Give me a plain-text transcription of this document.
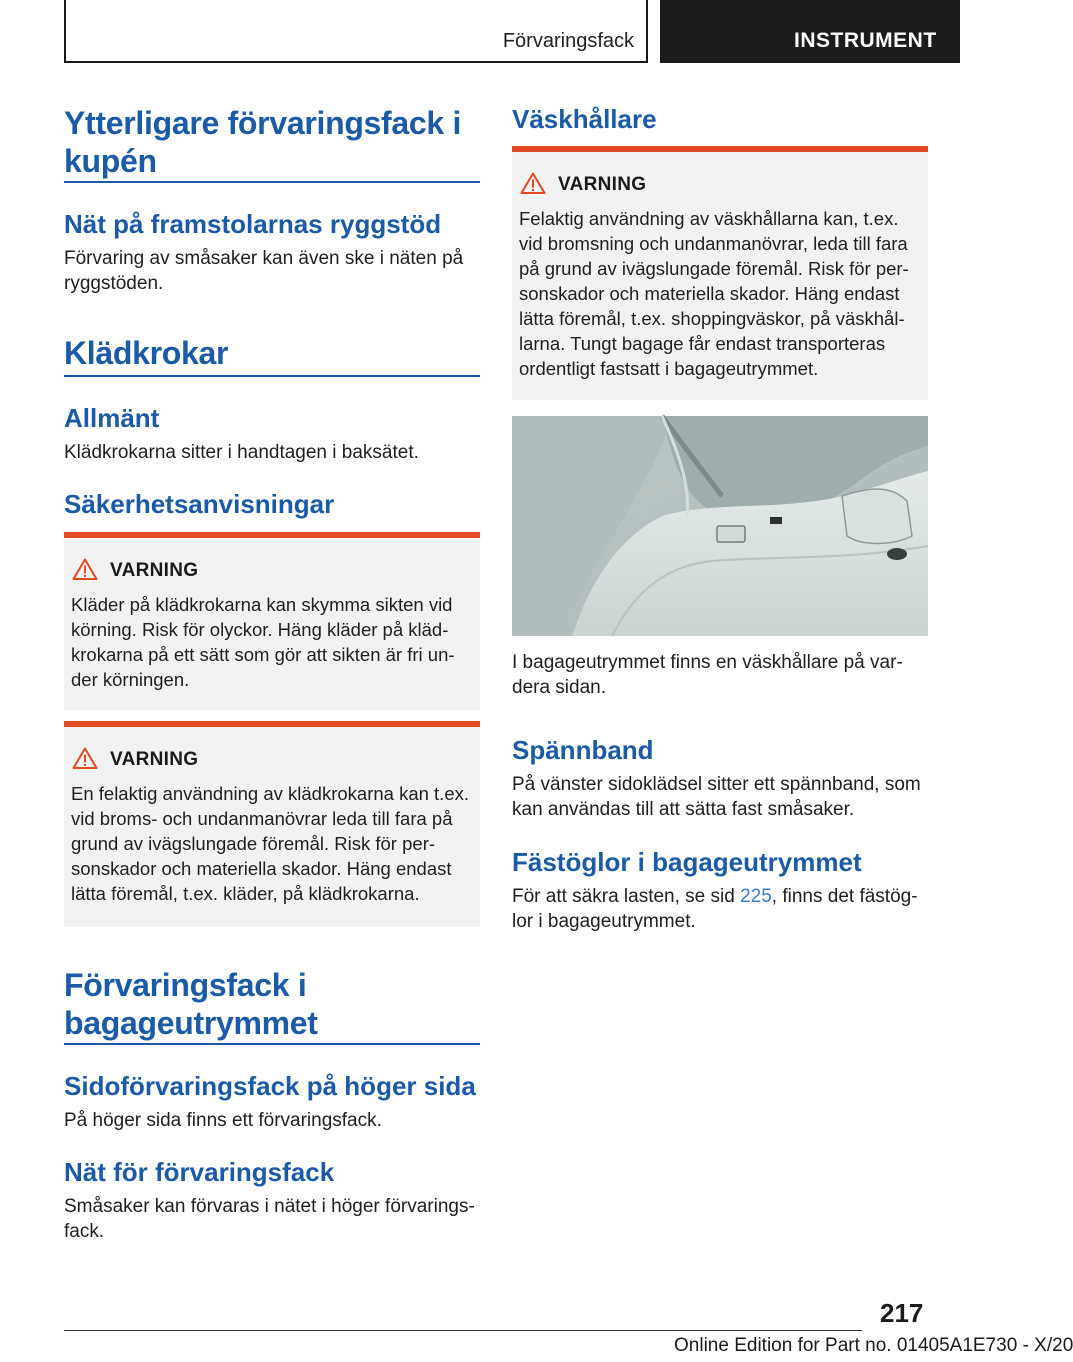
Förvaringsfack	INSTRUMENT
Ytterligare förvaringsfack i kupén
Nät på framstolarnas ryggstöd

Förvaring av småsaker kan även ske i näten på ryggstöden.

Klädkrokar
Allmänt

Klädkrokarna sitter i handtagen i baksätet.

Säkerhetsanvisningar
VARNING
Kläder på klädkrokarna kan skymma sikten vid körning. Risk för olyckor. Häng kläder på klädkrokarna på ett sätt som gör att sikten är fri under körningen.
VARNING
En felaktig användning av klädkrokarna kan t.ex. vid broms- och undanmanövrar leda till fara på grund av ivägslungade föremål. Risk för personskador och materiella skador. Häng endast lätta föremål, t.ex. kläder, på klädkrokarna.
Förvaringsfack i bagageutrymmet
Sidoförvaringsfack på höger sida

På höger sida finns ett förvaringsfack.

Nät för förvaringsfack

Småsaker kan förvaras i nätet i höger förvaringsfack.

Väskhållare
VARNING
Felaktig användning av väskhållarna kan, t.ex. vid bromsning och undanmanövrar, leda till fara på grund av ivägslungade föremål. Risk för personskador och materiella skador. Häng endast lätta föremål, t.ex. shoppingväskor, på väskhållarna. Tungt bagage får endast transporteras ordentligt fastsatt i bagageutrymmet.

I bagageutrymmet finns en väskhållare på vardera sidan.

Spännband

På vänster sidoklädsel sitter ett spännband, som kan användas till att sätta fast småsaker.

Fästöglor i bagageutrymmet

För att säkra lasten, se sid 225, finns det fästöglor i bagageutrymmet.

217
Online Edition for Part no. 01405A1E730 - X/20
